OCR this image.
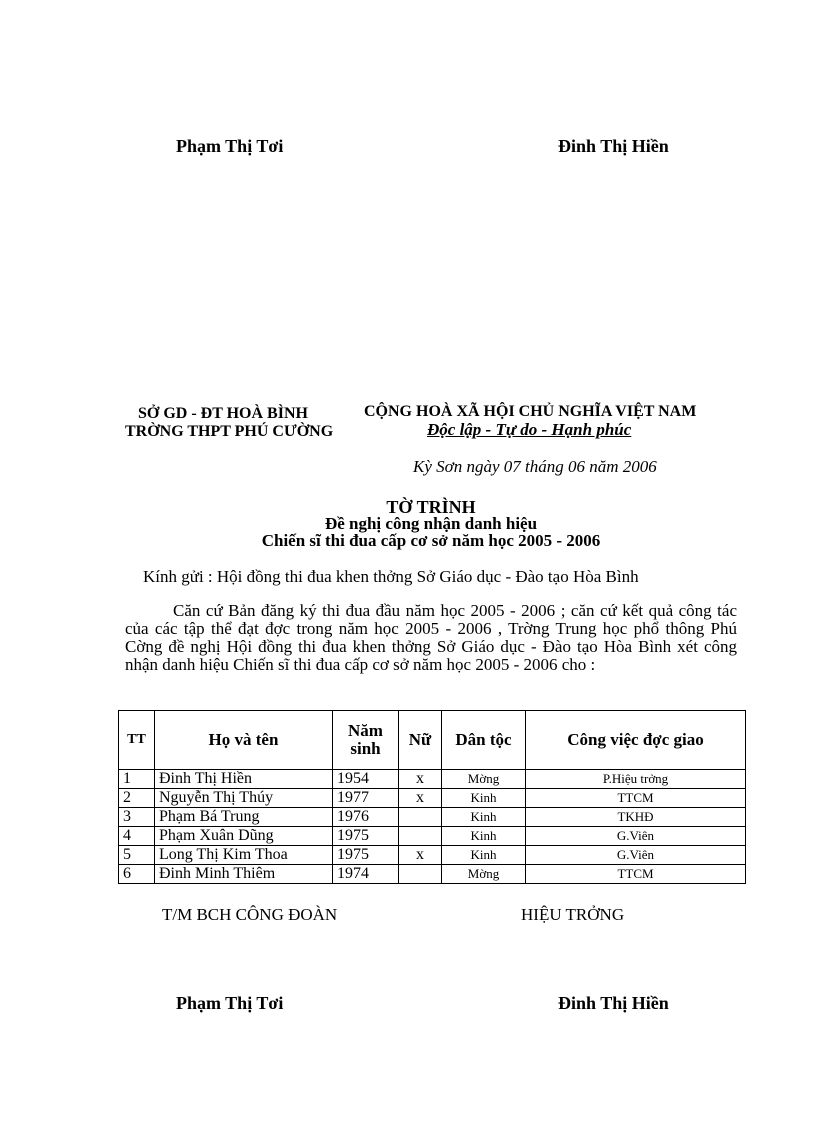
Phạm Thị Tơi	Đinh Thị Hiền
SỞ GD - ĐT HOÀ BÌNH
TRỜNG THPT PHÚ CƯỜNG
CỘNG HOÀ XÃ HỘI CHỦ NGHĨA VIỆT NAM
Độc lập - Tự do - Hạnh phúc
Kỳ Sơn ngày 07 tháng 06 năm 2006
TỜ TRÌNH
Đề nghị công nhận danh hiệu
Chiến sĩ thi đua cấp cơ sở năm học 2005 - 2006
Kính gửi : Hội đồng thi đua khen thởng Sở Giáo dục - Đào tạo Hòa Bình

Căn cứ Bản đăng ký thi đua đầu năm học 2005 - 2006 ; căn cứ kết quả công tác của các tập thể đạt đợc trong năm học 2005 - 2006 , Trờng Trung học phổ thông Phú Cờng đề nghị Hội đồng thi đua khen thởng Sở Giáo dục - Đào tạo Hòa Bình xét công nhận danh hiệu Chiến sĩ thi đua cấp cơ sở năm học 2005 - 2006 cho :

TT	Họ và tên	Năm sinh	Nữ	Dân tộc	Công việc đợc giao
1	Đinh Thị Hiền	1954	x	Mờng	P.Hiệu trởng
2	Nguyễn Thị Thúy	1977	x	Kinh	TTCM
3	Phạm Bá Trung	1976		Kinh	TKHĐ
4	Phạm Xuân Dũng	1975		Kinh	G.Viên
5	Long Thị Kim Thoa	1975	x	Kinh	G.Viên
6	Đinh Minh Thiêm	1974		Mờng	TTCM
T/M BCH CÔNG ĐOÀN	HIỆU TRỞNG
Phạm Thị Tơi	Đinh Thị Hiền
